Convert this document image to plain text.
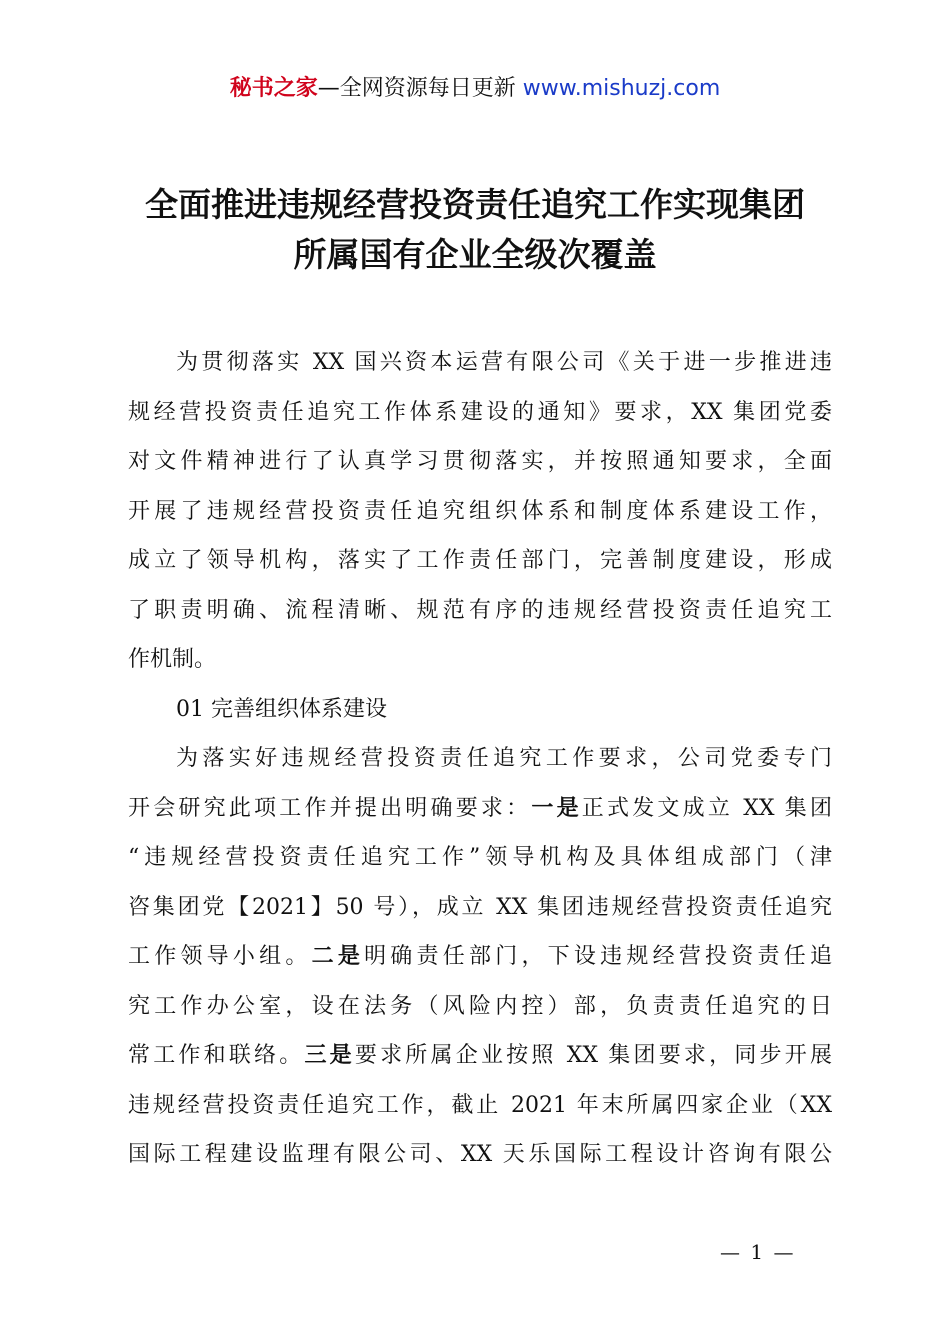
秘书之家—全网资源每日更新 www.mishuzj.com
全面推进违规经营投资责任追究工作实现集团
所属国有企业全级次覆盖
为贯彻落实 XX 国兴资本运营有限公司《关于进一步推进违
规经营投资责任追究工作体系建设的通知》要求，XX 集团党委
对文件精神进行了认真学习贯彻落实，并按照通知要求，全面
开展了违规经营投资责任追究组织体系和制度体系建设工作，
成立了领导机构，落实了工作责任部门，完善制度建设，形成
了职责明确、流程清晰、规范有序的违规经营投资责任追究工
作机制。
01 完善组织体系建设
为落实好违规经营投资责任追究工作要求，公司党委专门
开会研究此项工作并提出明确要求：一是正式发文成立 XX 集团
“违规经营投资责任追究工作”领导机构及具体组成部门（津
咨集团党【2021】50 号），成立 XX 集团违规经营投资责任追究
工作领导小组。二是明确责任部门，下设违规经营投资责任追
究工作办公室，设在法务（风险内控）部，负责责任追究的日
常工作和联络。三是要求所属企业按照 XX 集团要求，同步开展
违规经营投资责任追究工作，截止 2021 年末所属四家企业（XX
国际工程建设监理有限公司、XX 天乐国际工程设计咨询有限公
— 1 —
